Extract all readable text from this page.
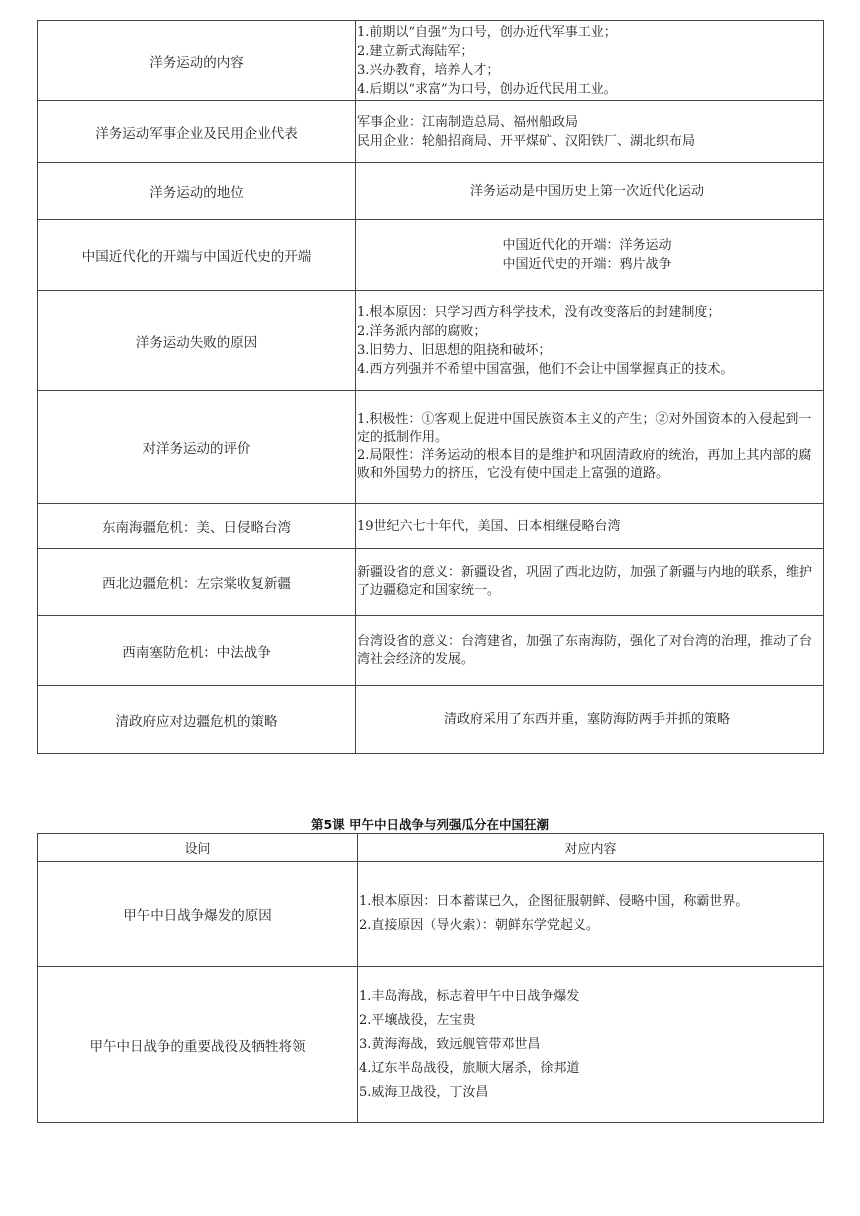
洋务运动的内容	1.前期以“自强”为口号，创办近代军事工业；
2.建立新式海陆军；
3.兴办教育，培养人才；
4.后期以“求富”为口号，创办近代民用工业。

洋务运动军事企业及民用企业代表	军事企业：江南制造总局、福州船政局
民用企业：轮船招商局、开平煤矿、汉阳铁厂、湖北织布局

洋务运动的地位	洋务运动是中国历史上第一次近代化运动

中国近代化的开端与中国近代史的开端	中国近代化的开端：洋务运动
中国近代史的开端：鸦片战争

洋务运动失败的原因	1.根本原因：只学习西方科学技术，没有改变落后的封建制度；
2.洋务派内部的腐败；
3.旧势力、旧思想的阻挠和破坏；
4.西方列强并不希望中国富强，他们不会让中国掌握真正的技术。

对洋务运动的评价	1.积极性：①客观上促进中国民族资本主义的产生；②对外国资本的入侵起到一定的抵制作用。
2.局限性：洋务运动的根本目的是维护和巩固清政府的统治，再加上其内部的腐败和外国势力的挤压，它没有使中国走上富强的道路。

东南海疆危机：美、日侵略台湾	19世纪六七十年代，美国、日本相继侵略台湾

西北边疆危机：左宗棠收复新疆	新疆设省的意义：新疆设省，巩固了西北边防，加强了新疆与内地的联系，维护了边疆稳定和国家统一。

西南塞防危机：中法战争	台湾设省的意义：台湾建省，加强了东南海防，强化了对台湾的治理，推动了台湾社会经济的发展。

清政府应对边疆危机的策略	清政府采用了东西并重，塞防海防两手并抓的策略
第5课 甲午中日战争与列强瓜分在中国狂潮
设问	对应内容
甲午中日战争爆发的原因	1.根本原因：日本蓄谋已久，企图征服朝鲜、侵略中国，称霸世界。
2.直接原因（导火索）：朝鲜东学党起义。

甲午中日战争的重要战役及牺牲将领	1.丰岛海战，标志着甲午中日战争爆发
2.平壤战役，左宝贵
3.黄海海战，致远舰管带邓世昌
4.辽东半岛战役，旅顺大屠杀，徐邦道
5.威海卫战役，丁汝昌
